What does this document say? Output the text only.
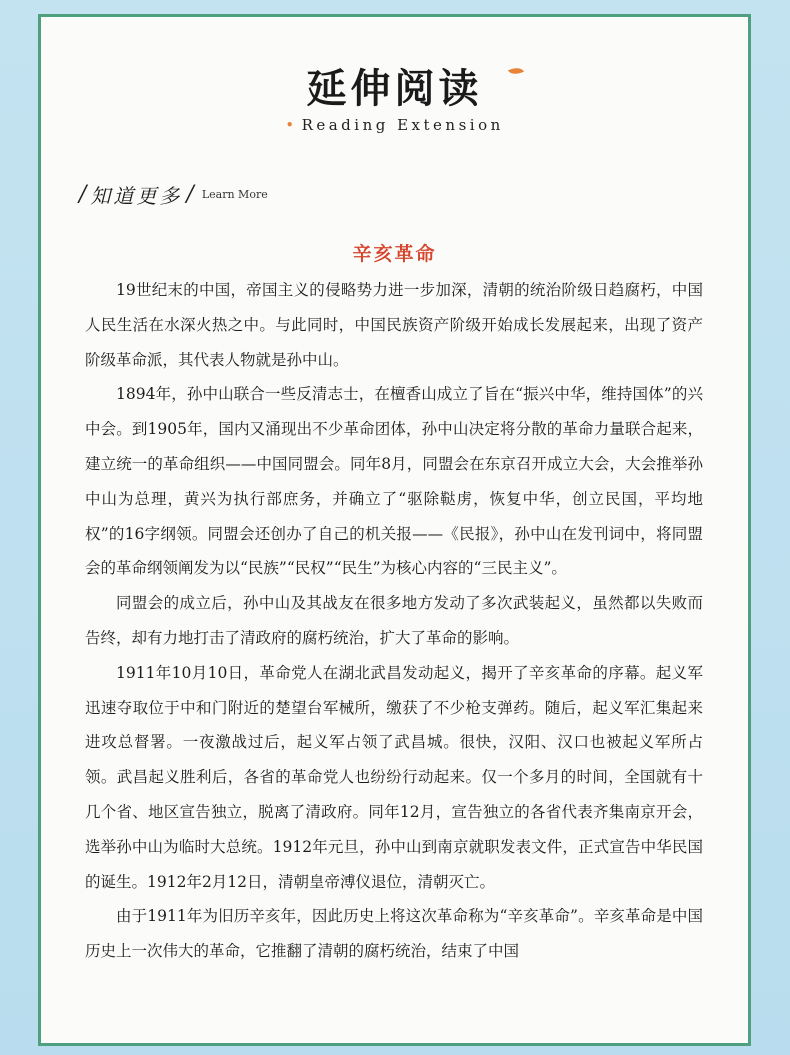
延伸阅读
• Reading Extension
/ 知道更多 / Learn More
辛亥革命

19世纪末的中国，帝国主义的侵略势力进一步加深，清朝的统治阶级日趋腐朽，中国人民生活在水深火热之中。与此同时，中国民族资产阶级开始成长发展起来，出现了资产阶级革命派，其代表人物就是孙中山。

1894年，孙中山联合一些反清志士，在檀香山成立了旨在“振兴中华，维持国体”的兴中会。到1905年，国内又涌现出不少革命团体，孙中山决定将分散的革命力量联合起来，建立统一的革命组织——中国同盟会。同年8月，同盟会在东京召开成立大会，大会推举孙中山为总理，黄兴为执行部庶务，并确立了“驱除鞑虏，恢复中华，创立民国，平均地权”的16字纲领。同盟会还创办了自己的机关报——《民报》，孙中山在发刊词中，将同盟会的革命纲领阐发为以“民族”“民权”“民生”为核心内容的“三民主义”。

同盟会的成立后，孙中山及其战友在很多地方发动了多次武装起义，虽然都以失败而告终，却有力地打击了清政府的腐朽统治，扩大了革命的影响。

1911年10月10日，革命党人在湖北武昌发动起义，揭开了辛亥革命的序幕。起义军迅速夺取位于中和门附近的楚望台军械所，缴获了不少枪支弹药。随后，起义军汇集起来进攻总督署。一夜激战过后，起义军占领了武昌城。很快，汉阳、汉口也被起义军所占领。武昌起义胜利后，各省的革命党人也纷纷行动起来。仅一个多月的时间，全国就有十几个省、地区宣告独立，脱离了清政府。同年12月，宣告独立的各省代表齐集南京开会，选举孙中山为临时大总统。1912年元旦，孙中山到南京就职发表文件，正式宣告中华民国的诞生。1912年2月12日，清朝皇帝溥仪退位，清朝灭亡。

由于1911年为旧历辛亥年，因此历史上将这次革命称为“辛亥革命”。辛亥革命是中国历史上一次伟大的革命，它推翻了清朝的腐朽统治，结束了中国
